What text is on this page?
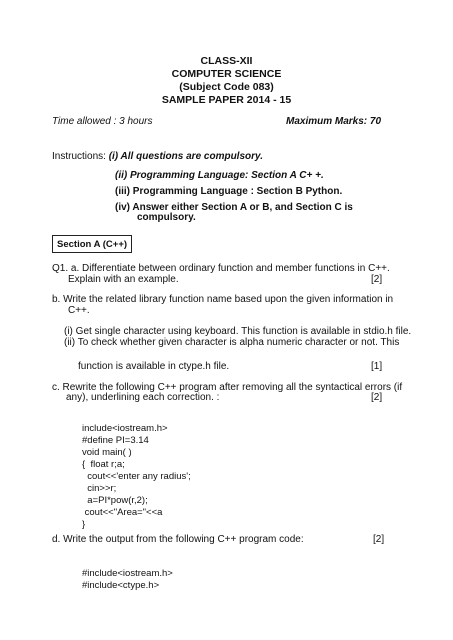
CLASS-XII
COMPUTER SCIENCE
(Subject Code 083)
SAMPLE PAPER 2014 - 15
Time allowed : 3 hours	Maximum Marks: 70
Instructions: (i) All questions are compulsory.
(ii) Programming Language: Section A C+ +.
(iii) Programming Language : Section B Python.
(iv) Answer either Section A or B, and Section C is
compulsory.
Section A (C++)
Q1. a. Differentiate between ordinary function and member functions in C++.
Explain with an example.	[2]
b. Write the related library function name based upon the given information in
C++.
(i) Get single character using keyboard. This function is available in stdio.h file.
(ii) To check whether given character is alpha numeric character or not. This
function is available in ctype.h file.	[1]
c. Rewrite the following C++ program after removing all the syntactical errors (if
any), underlining each correction. :	[2]

include<iostream.h>
#define PI=3.14
void main( )
{  float r;a;
cout<<'enter any radius';
cin>>r;
a=PI*pow(r,2);
cout<<"Area="<<a
}
d. Write the output from the following C++ program code:	[2]

#include<iostream.h>
#include<ctype.h>
